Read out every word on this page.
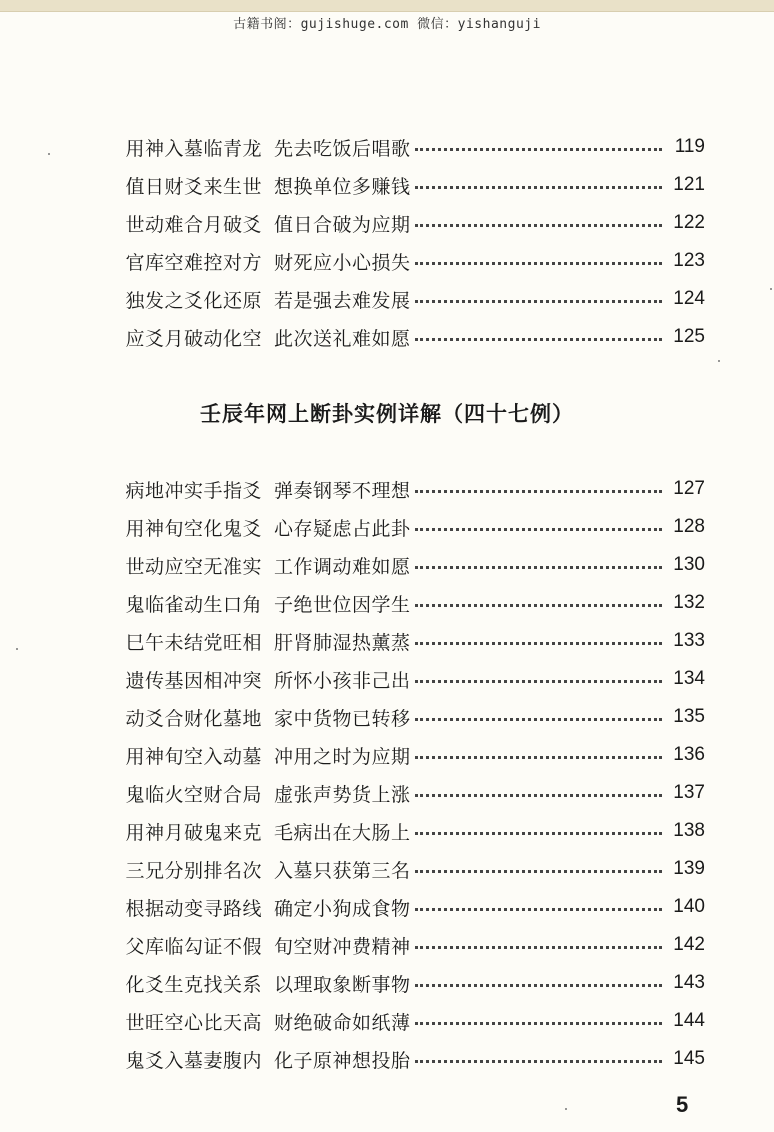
古籍书阁：gujishuge.com 微信：yishanguji
用神入墓临青龙 先去吃饭后唱歌	119
值日财爻来生世 想换单位多赚钱	121
世动难合月破爻 值日合破为应期	122
官库空难控对方 财死应小心损失	123
独发之爻化还原 若是强去难发展	124
应爻月破动化空 此次送礼难如愿	125
壬辰年网上断卦实例详解（四十七例）
病地冲实手指爻 弹奏钢琴不理想	127
用神旬空化鬼爻 心存疑虑占此卦	128
世动应空无准实 工作调动难如愿	130
鬼临雀动生口角 子绝世位因学生	132
巳午未结党旺相 肝肾肺湿热薰蒸	133
遗传基因相冲突 所怀小孩非己出	134
动爻合财化墓地 家中货物已转移	135
用神旬空入动墓 冲用之时为应期	136
鬼临火空财合局 虚张声势货上涨	137
用神月破鬼来克 毛病出在大肠上	138
三兄分别排名次 入墓只获第三名	139
根据动变寻路线 确定小狗成食物	140
父库临勾证不假 旬空财冲费精神	142
化爻生克找关系 以理取象断事物	143
世旺空心比天高 财绝破命如纸薄	144
鬼爻入墓妻腹内 化子原神想投胎	145
5
